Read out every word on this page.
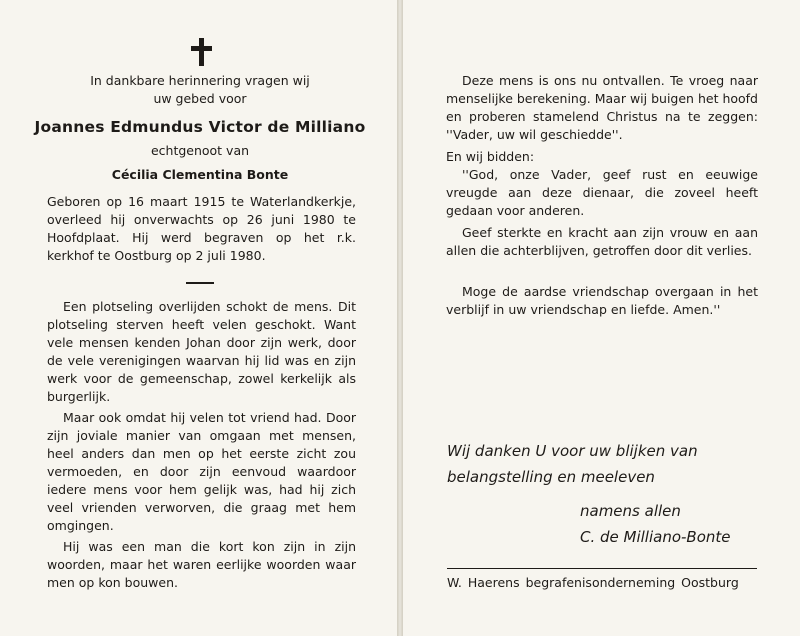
In dankbare herinnering vragen wij
uw gebed voor
Joannes Edmundus Victor de Milliano
echtgenoot van
Cécilia Clementina Bonte
Geboren op 16 maart 1915 te Waterlandkerkje, overleed hij onverwachts op 26 juni 1980 te Hoofdplaat. Hij werd begraven op het r.k. kerkhof te Oostburg op 2 juli 1980.
Een plotseling overlijden schokt de mens. Dit plotseling sterven heeft velen geschokt. Want vele mensen kenden Johan door zijn werk, door de vele verenigingen waarvan hij lid was en zijn werk voor de gemeenschap, zowel kerkelijk als burgerlijk.
Maar ook omdat hij velen tot vriend had. Door zijn joviale manier van omgaan met mensen, heel anders dan men op het eerste zicht zou vermoeden, en door zijn eenvoud waardoor iedere mens voor hem gelijk was, had hij zich veel vrienden verworven, die graag met hem omgingen.
Hij was een man die kort kon zijn in zijn woorden, maar het waren eerlijke woorden waar men op kon bouwen.
Deze mens is ons nu ontvallen. Te vroeg naar menselijke berekening. Maar wij buigen het hoofd en proberen stamelend Christus na te zeggen: ''Vader, uw wil geschiedde''.
En wij bidden:
''God, onze Vader, geef rust en eeuwige vreugde aan deze dienaar, die zoveel heeft gedaan voor anderen.
Geef sterkte en kracht aan zijn vrouw en aan allen die achterblijven, getroffen door dit verlies.
Moge de aardse vriendschap overgaan in het verblijf in uw vriendschap en liefde. Amen.''
Wij danken U voor uw blijken van
belangstelling en meeleven
namens allen
C. de Milliano-Bonte
W. Haerens begrafenisonderneming Oostburg
